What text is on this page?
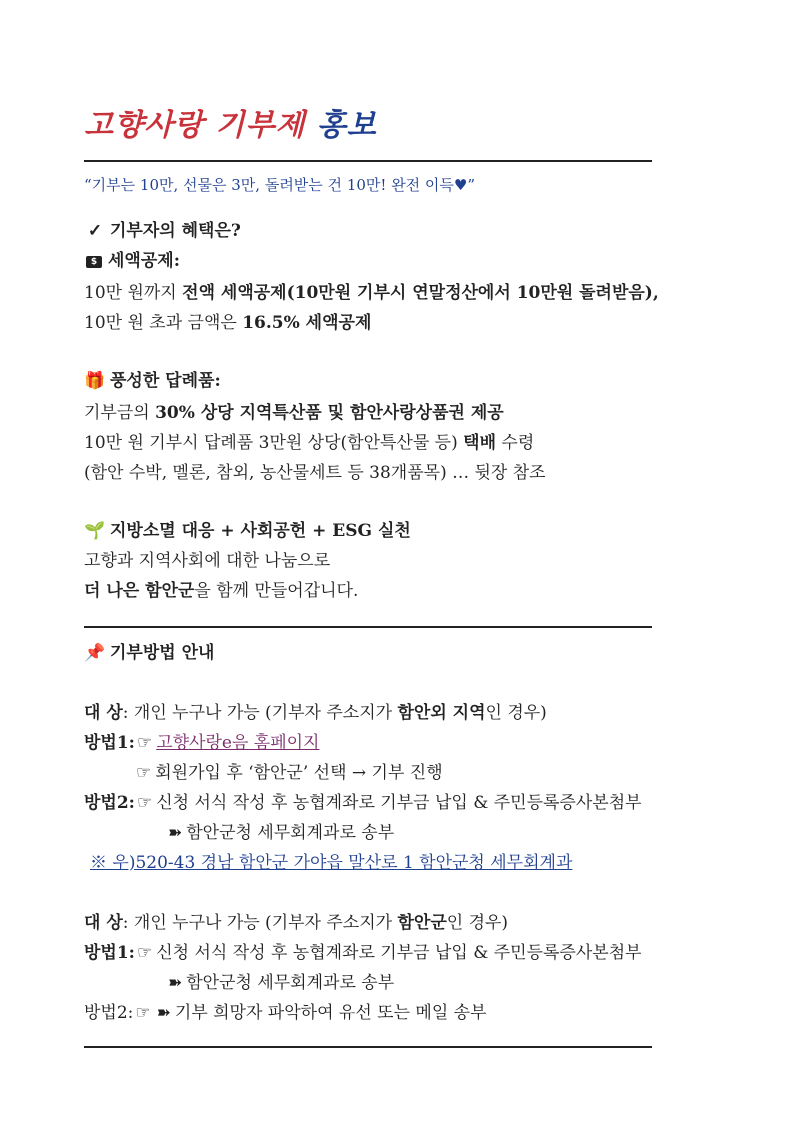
고향사랑 기부제 홍보
“기부는 10만, 선물은 3만, 돌려받는 건 10만! 완전 이득♥”
✓ 기부자의 혜택은?
$ 세액공제:
10만 원까지 전액 세액공제(10만원 기부시 연말정산에서 10만원 돌려받음),
10만 원 초과 금액은 16.5% 세액공제
🎁 풍성한 답례품:
기부금의 30% 상당 지역특산품 및 함안사랑상품권 제공
10만 원 기부시 답례품 3만원 상당(함안특산물 등) 택배 수령
(함안 수박, 멜론, 참외, 농산물세트 등 38개품목) … 뒷장 참조
🌱 지방소멸 대응 + 사회공헌 + ESG 실천
고향과 지역사회에 대한 나눔으로
더 나은 함안군을 함께 만들어갑니다.
📌 기부방법 안내
대 상: 개인 누구나 가능 (기부자 주소지가 함안외 지역인 경우)
방법1: ☞ 고향사랑e음 홈페이지
☞ 회원가입 후 ‘함안군’ 선택 → 기부 진행
방법2: ☞ 신청 서식 작성 후 농협계좌로 기부금 납입 & 주민등록증사본첨부
➽ 함안군청 세무회계과로 송부
※ 우)520-43 경남 함안군 가야읍 말산로 1 함안군청 세무회계과
대 상: 개인 누구나 가능 (기부자 주소지가 함안군인 경우)
방법1: ☞ 신청 서식 작성 후 농협계좌로 기부금 납입 & 주민등록증사본첨부
➽ 함안군청 세무회계과로 송부
방법2: ☞ ➽ 기부 희망자 파악하여 유선 또는 메일 송부
